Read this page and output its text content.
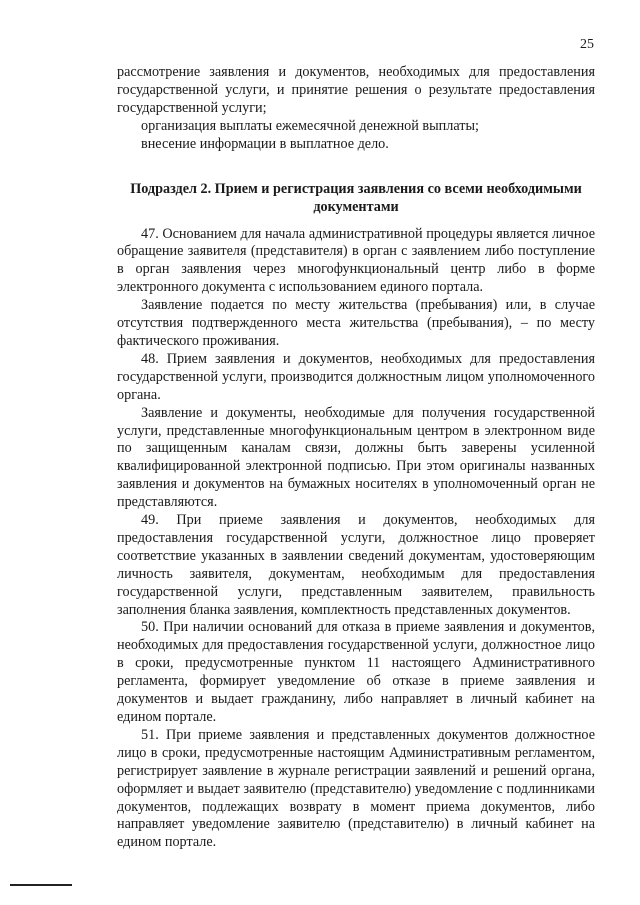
25

рассмотрение заявления и документов, необходимых для предоставления государственной услуги, и принятие решения о результате предоставления государственной услуги;

организация выплаты ежемесячной денежной выплаты;

внесение информации в выплатное дело.

Подраздел 2. Прием и регистрация заявления со всеми необходимыми документами

47. Основанием для начала административной процедуры является личное обращение заявителя (представителя) в орган с заявлением либо поступление в орган заявления через многофункциональный центр либо в форме электронного документа с использованием единого портала.

Заявление подается по месту жительства (пребывания) или, в случае отсутствия подтвержденного места жительства (пребывания), – по месту фактического проживания.

48. Прием заявления и документов, необходимых для предоставления государственной услуги, производится должностным лицом уполномоченного органа.

Заявление и документы, необходимые для получения государственной услуги, представленные многофункциональным центром в электронном виде по защищенным каналам связи, должны быть заверены усиленной квалифицированной электронной подписью. При этом оригиналы названных заявления и документов на бумажных носителях в уполномоченный орган не представляются.

49. При приеме заявления и документов, необходимых для предоставления государственной услуги, должностное лицо проверяет соответствие указанных в заявлении сведений документам, удостоверяющим личность заявителя, документам, необходимым для предоставления государственной услуги, представленным заявителем, правильность заполнения бланка заявления, комплектность представленных документов.

50. При наличии оснований для отказа в приеме заявления и документов, необходимых для предоставления государственной услуги, должностное лицо в сроки, предусмотренные пунктом 11 настоящего Административного регламента, формирует уведомление об отказе в приеме заявления и документов и выдает гражданину, либо направляет в личный кабинет на едином портале.

51. При приеме заявления и представленных документов должностное лицо в сроки, предусмотренные настоящим Административным регламентом, регистрирует заявление в журнале регистрации заявлений и решений органа, оформляет и выдает заявителю (представителю) уведомление с подлинниками документов, подлежащих возврату в момент приема документов, либо направляет уведомление заявителю (представителю) в личный кабинет на едином портале.
